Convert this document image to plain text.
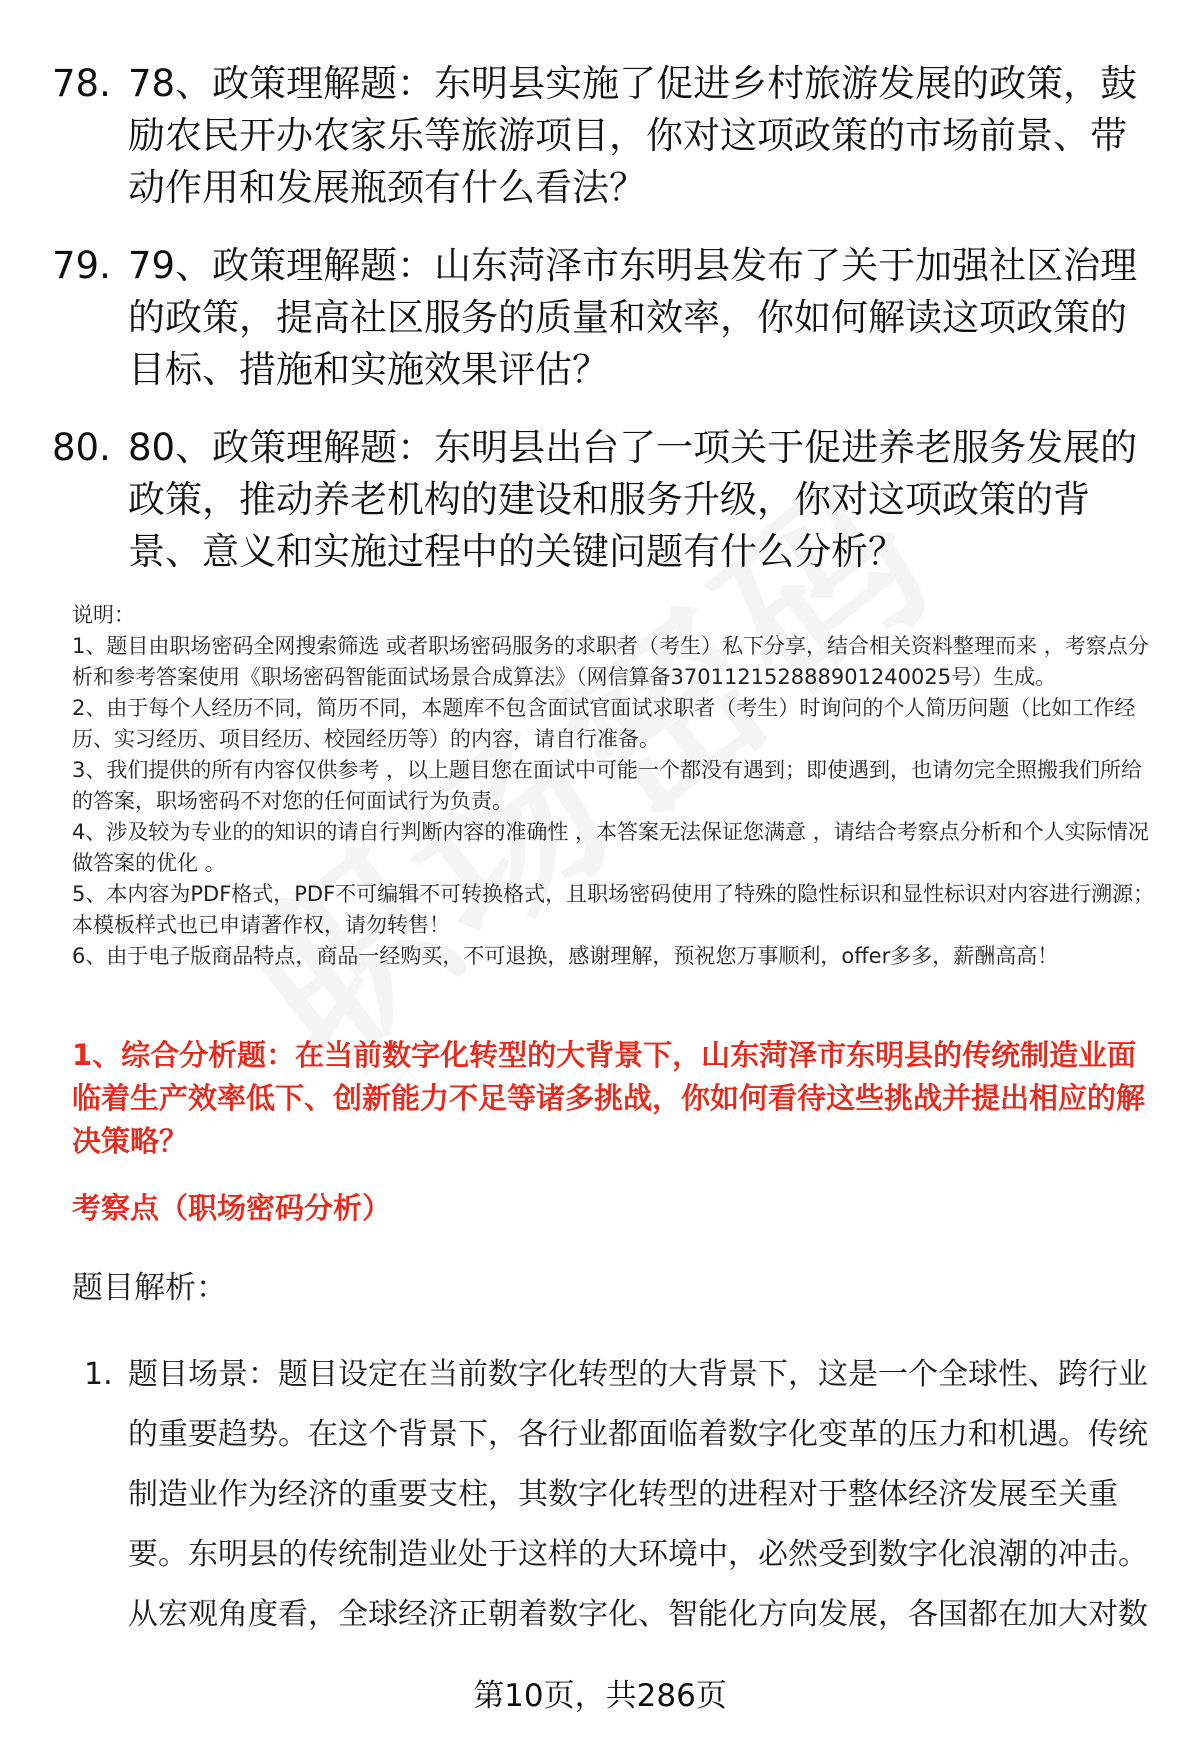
78. 78、政策理解题：东明县实施了促进乡村旅游发展的政策，鼓励农民开办农家乐等旅游项目，你对这项政策的市场前景、带动作用和发展瓶颈有什么看法？
79. 79、政策理解题：山东菏泽市东明县发布了关于加强社区治理的政策，提高社区服务的质量和效率，你如何解读这项政策的目标、措施和实施效果评估？
80. 80、政策理解题：东明县出台了一项关于促进养老服务发展的政策，推动养老机构的建设和服务升级，你对这项政策的背景、意义和实施过程中的关键问题有什么分析？

说明：

1、题目由职场密码全网搜索筛选 或者职场密码服务的求职者（考生）私下分享，结合相关资料整理而来 ，考察点分析和参考答案使用《职场密码智能面试场景合成算法》（网信算备370112152888901240025号）生成。

2、由于每个人经历不同，简历不同，本题库不包含面试官面试求职者（考生）时询问的个人简历问题（比如工作经历、实习经历、项目经历、校园经历等）的内容，请自行准备。

3、我们提供的所有内容仅供参考 ，以上题目您在面试中可能一个都没有遇到；即使遇到，也请勿完全照搬我们所给的答案，职场密码不对您的任何面试行为负责。

4、涉及较为专业的的知识的请自行判断内容的准确性 ，本答案无法保证您满意 ，请结合考察点分析和个人实际情况做答案的优化 。

5、本内容为PDF格式，PDF不可编辑不可转换格式，且职场密码使用了特殊的隐性标识和显性标识对内容进行溯源；本模板样式也已申请著作权，请勿转售！

6、由于电子版商品特点，商品一经购买，不可退换，感谢理解，预祝您万事顺利，offer多多，薪酬高高！

1、综合分析题：在当前数字化转型的大背景下，山东菏泽市东明县的传统制造业面临着生产效率低下、创新能力不足等诸多挑战，你如何看待这些挑战并提出相应的解决策略？
考察点（职场密码分析）
题目解析：
1. 题目场景：题目设定在当前数字化转型的大背景下，这是一个全球性、跨行业的重要趋势。在这个背景下，各行业都面临着数字化变革的压力和机遇。传统制造业作为经济的重要支柱，其数字化转型的进程对于整体经济发展至关重要。东明县的传统制造业处于这样的大环境中，必然受到数字化浪潮的冲击。从宏观角度看，全球经济正朝着数字化、智能化方向发展，各国都在加大对数
第10页，共286页
